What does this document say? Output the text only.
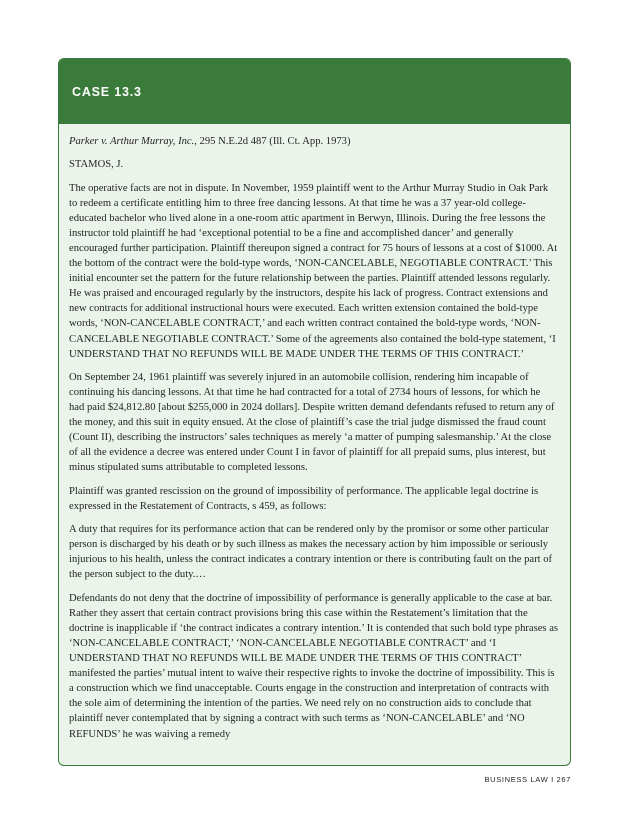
CASE 13.3

Parker v. Arthur Murray, Inc., 295 N.E.2d 487 (Ill. Ct. App. 1973)

STAMOS, J.

The operative facts are not in dispute. In November, 1959 plaintiff went to the Arthur Murray Studio in Oak Park to redeem a certificate entitling him to three free dancing lessons. At that time he was a 37 year-old college-educated bachelor who lived alone in a one-room attic apartment in Berwyn, Illinois. During the free lessons the instructor told plaintiff he had ‘exceptional potential to be a fine and accomplished dancer’ and generally encouraged further participation. Plaintiff thereupon signed a contract for 75 hours of lessons at a cost of $1000. At the bottom of the contract were the bold-type words, ‘NON-CANCELABLE, NEGOTIABLE CONTRACT.’ This initial encounter set the pattern for the future relationship between the parties. Plaintiff attended lessons regularly. He was praised and encouraged regularly by the instructors, despite his lack of progress. Contract extensions and new contracts for additional instructional hours were executed. Each written extension contained the bold-type words, ‘NON-CANCELABLE CONTRACT,’ and each written contract contained the bold-type words, ‘NON-CANCELABLE NEGOTIABLE CONTRACT.’ Some of the agreements also contained the bold-type statement, ‘I UNDERSTAND THAT NO REFUNDS WILL BE MADE UNDER THE TERMS OF THIS CONTRACT.’

On September 24, 1961 plaintiff was severely injured in an automobile collision, rendering him incapable of continuing his dancing lessons. At that time he had contracted for a total of 2734 hours of lessons, for which he had paid $24,812.80 [about $255,000 in 2024 dollars]. Despite written demand defendants refused to return any of the money, and this suit in equity ensued. At the close of plaintiff’s case the trial judge dismissed the fraud count (Count II), describing the instructors’ sales techniques as merely ‘a matter of pumping salesmanship.’ At the close of all the evidence a decree was entered under Count I in favor of plaintiff for all prepaid sums, plus interest, but minus stipulated sums attributable to completed lessons.

Plaintiff was granted rescission on the ground of impossibility of performance. The applicable legal doctrine is expressed in the Restatement of Contracts, s 459, as follows:

A duty that requires for its performance action that can be rendered only by the promisor or some other particular person is discharged by his death or by such illness as makes the necessary action by him impossible or seriously injurious to his health, unless the contract indicates a contrary intention or there is contributing fault on the part of the person subject to the duty.…

Defendants do not deny that the doctrine of impossibility of performance is generally applicable to the case at bar. Rather they assert that certain contract provisions bring this case within the Restatement’s limitation that the doctrine is inapplicable if ‘the contract indicates a contrary intention.’ It is contended that such bold type phrases as ‘NON-CANCELABLE CONTRACT,’ ‘NON-CANCELABLE NEGOTIABLE CONTRACT’ and ‘I UNDERSTAND THAT NO REFUNDS WILL BE MADE UNDER THE TERMS OF THIS CONTRACT’ manifested the parties’ mutual intent to waive their respective rights to invoke the doctrine of impossibility. This is a construction which we find unacceptable. Courts engage in the construction and interpretation of contracts with the sole aim of determining the intention of the parties. We need rely on no construction aids to conclude that plaintiff never contemplated that by signing a contract with such terms as ‘NON-CANCELABLE’ and ‘NO REFUNDS’ he was waiving a remedy

BUSINESS LAW I 267
